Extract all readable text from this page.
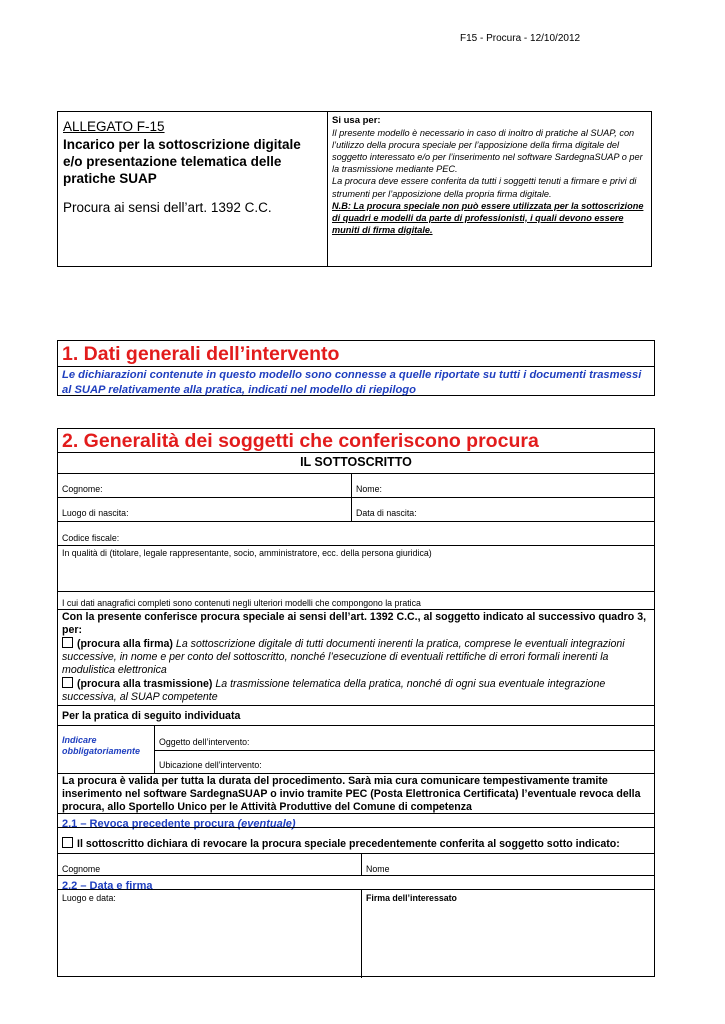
F15 - Procura - 12/10/2012
ALLEGATO F-15
Incarico per la sottoscrizione digitale e/o presentazione telematica delle pratiche SUAP
Procura ai sensi dell’art. 1392 C.C.
Si usa per:
Il presente modello è necessario in caso di inoltro di pratiche al SUAP, con l’utilizzo della procura speciale per l’apposizione della firma digitale del soggetto interessato e/o per l’inserimento nel software SardegnaSUAP o per la trasmissione mediante PEC.
La procura deve essere conferita da tutti i soggetti tenuti a firmare e privi di strumenti per l’apposizione della propria firma digitale.
N.B: La procura speciale non può essere utilizzata per la sottoscrizione di quadri e modelli da parte di professionisti, i quali devono essere muniti di firma digitale.
1. Dati generali dell’intervento
Le dichiarazioni contenute in questo modello sono connesse a quelle riportate su tutti i documenti trasmessi al SUAP relativamente alla pratica, indicati nel modello di riepilogo
2. Generalità dei soggetti che conferiscono procura
IL SOTTOSCRITTO
Cognome:	Nome:
Luogo di nascita:	Data di nascita:
Codice fiscale:
In qualità di (titolare, legale rappresentante, socio, amministratore, ecc. della persona giuridica)
I cui dati anagrafici completi sono contenuti negli ulteriori modelli che compongono la pratica
Con la presente conferisce procura speciale ai sensi dell’art. 1392 C.C., al soggetto indicato al successivo quadro 3, per:
(procura alla firma) La sottoscrizione digitale di tutti documenti inerenti la pratica, comprese le eventuali integrazioni successive, in nome e per conto del sottoscritto, nonché l’esecuzione di eventuali rettifiche di errori formali inerenti la modulistica elettronica
(procura alla trasmissione) La trasmissione telematica della pratica, nonché di ogni sua eventuale integrazione successiva, al SUAP competente
Per la pratica di seguito individuata
Indicare obbligatoriamente
Oggetto dell’intervento:
Ubicazione dell’intervento:
La procura è valida per tutta la durata del procedimento. Sarà mia cura comunicare tempestivamente tramite inserimento nel software SardegnaSUAP o invio tramite PEC (Posta Elettronica Certificata) l’eventuale revoca della procura, allo Sportello Unico per le Attività Produttive del Comune di competenza
2.1 – Revoca precedente procura (eventuale)
Il sottoscritto dichiara di revocare la procura speciale precedentemente conferita al soggetto sotto indicato:
Cognome	Nome
2.2 – Data e firma
Luogo e data:	Firma dell’interessato
